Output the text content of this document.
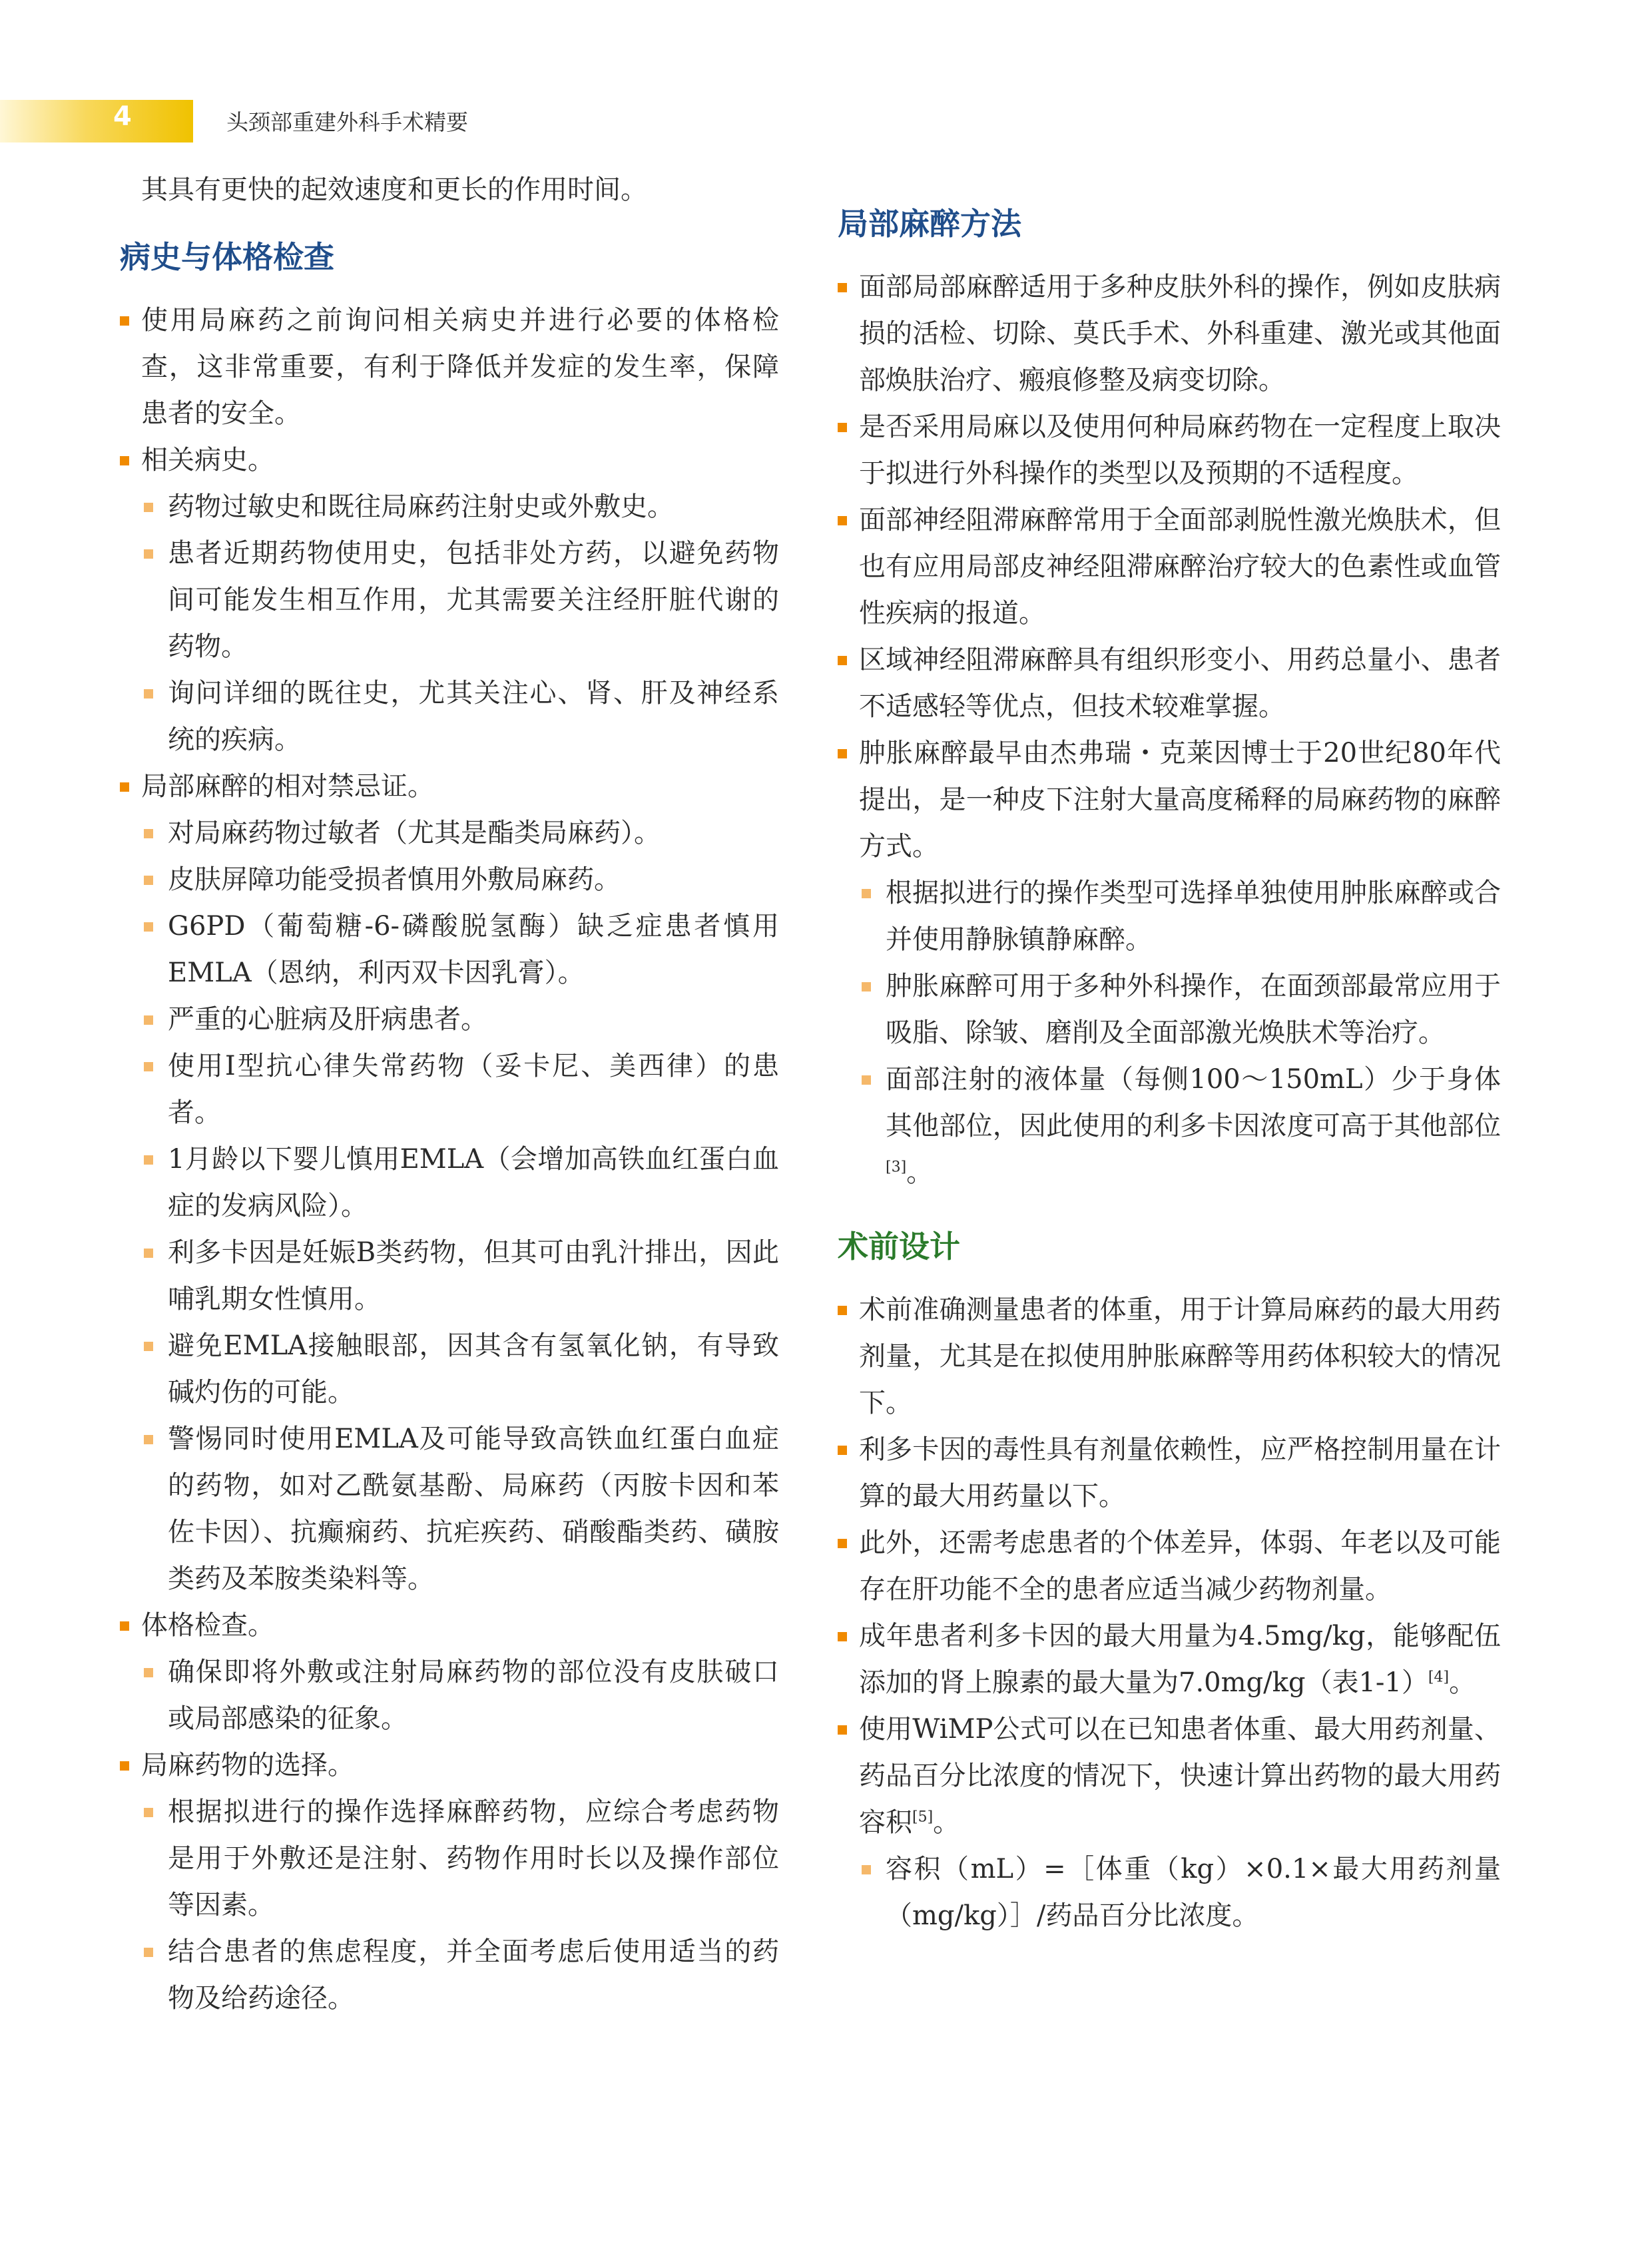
4	头颈部重建外科手术精要

其具有更快的起效速度和更长的作用时间。

病史与体格检查
使用局麻药之前询问相关病史并进行必要的体格检查，这非常重要，有利于降低并发症的发生率，保障患者的安全。
相关病史。
药物过敏史和既往局麻药注射史或外敷史。
患者近期药物使用史，包括非处方药，以避免药物间可能发生相互作用，尤其需要关注经肝脏代谢的药物。
询问详细的既往史，尤其关注心、肾、肝及神经系统的疾病。
局部麻醉的相对禁忌证。
对局麻药物过敏者（尤其是酯类局麻药）。
皮肤屏障功能受损者慎用外敷局麻药。
G6PD（葡萄糖-6-磷酸脱氢酶）缺乏症患者慎用EMLA（恩纳，利丙双卡因乳膏）。
严重的心脏病及肝病患者。
使用Ⅰ型抗心律失常药物（妥卡尼、美西律）的患者。
1月龄以下婴儿慎用EMLA（会增加高铁血红蛋白血症的发病风险）。
利多卡因是妊娠B类药物，但其可由乳汁排出，因此哺乳期女性慎用。
避免EMLA接触眼部，因其含有氢氧化钠，有导致碱灼伤的可能。
警惕同时使用EMLA及可能导致高铁血红蛋白血症的药物，如对乙酰氨基酚、局麻药（丙胺卡因和苯佐卡因）、抗癫痫药、抗疟疾药、硝酸酯类药、磺胺类药及苯胺类染料等。
体格检查。
确保即将外敷或注射局麻药物的部位没有皮肤破口或局部感染的征象。
局麻药物的选择。
根据拟进行的操作选择麻醉药物，应综合考虑药物是用于外敷还是注射、药物作用时长以及操作部位等因素。
结合患者的焦虑程度，并全面考虑后使用适当的药物及给药途径。
局部麻醉方法
面部局部麻醉适用于多种皮肤外科的操作，例如皮肤病损的活检、切除、莫氏手术、外科重建、激光或其他面部焕肤治疗、瘢痕修整及病变切除。
是否采用局麻以及使用何种局麻药物在一定程度上取决于拟进行外科操作的类型以及预期的不适程度。
面部神经阻滞麻醉常用于全面部剥脱性激光焕肤术，但也有应用局部皮神经阻滞麻醉治疗较大的色素性或血管性疾病的报道。
区域神经阻滞麻醉具有组织形变小、用药总量小、患者不适感轻等优点，但技术较难掌握。
肿胀麻醉最早由杰弗瑞・克莱因博士于20世纪80年代提出，是一种皮下注射大量高度稀释的局麻药物的麻醉方式。
根据拟进行的操作类型可选择单独使用肿胀麻醉或合并使用静脉镇静麻醉。
肿胀麻醉可用于多种外科操作，在面颈部最常应用于吸脂、除皱、磨削及全面部激光焕肤术等治疗。
面部注射的液体量（每侧100～150mL）少于身体其他部位，因此使用的利多卡因浓度可高于其他部位[3]。
术前设计
术前准确测量患者的体重，用于计算局麻药的最大用药剂量，尤其是在拟使用肿胀麻醉等用药体积较大的情况下。
利多卡因的毒性具有剂量依赖性，应严格控制用量在计算的最大用药量以下。
此外，还需考虑患者的个体差异，体弱、年老以及可能存在肝功能不全的患者应适当减少药物剂量。
成年患者利多卡因的最大用量为4.5mg/kg，能够配伍添加的肾上腺素的最大量为7.0mg/kg（表1-1）[4]。
使用WiMP公式可以在已知患者体重、最大用药剂量、药品百分比浓度的情况下，快速计算出药物的最大用药容积[5]。
容积（mL）=［体重（kg）×0.1×最大用药剂量（mg/kg）］/药品百分比浓度。
